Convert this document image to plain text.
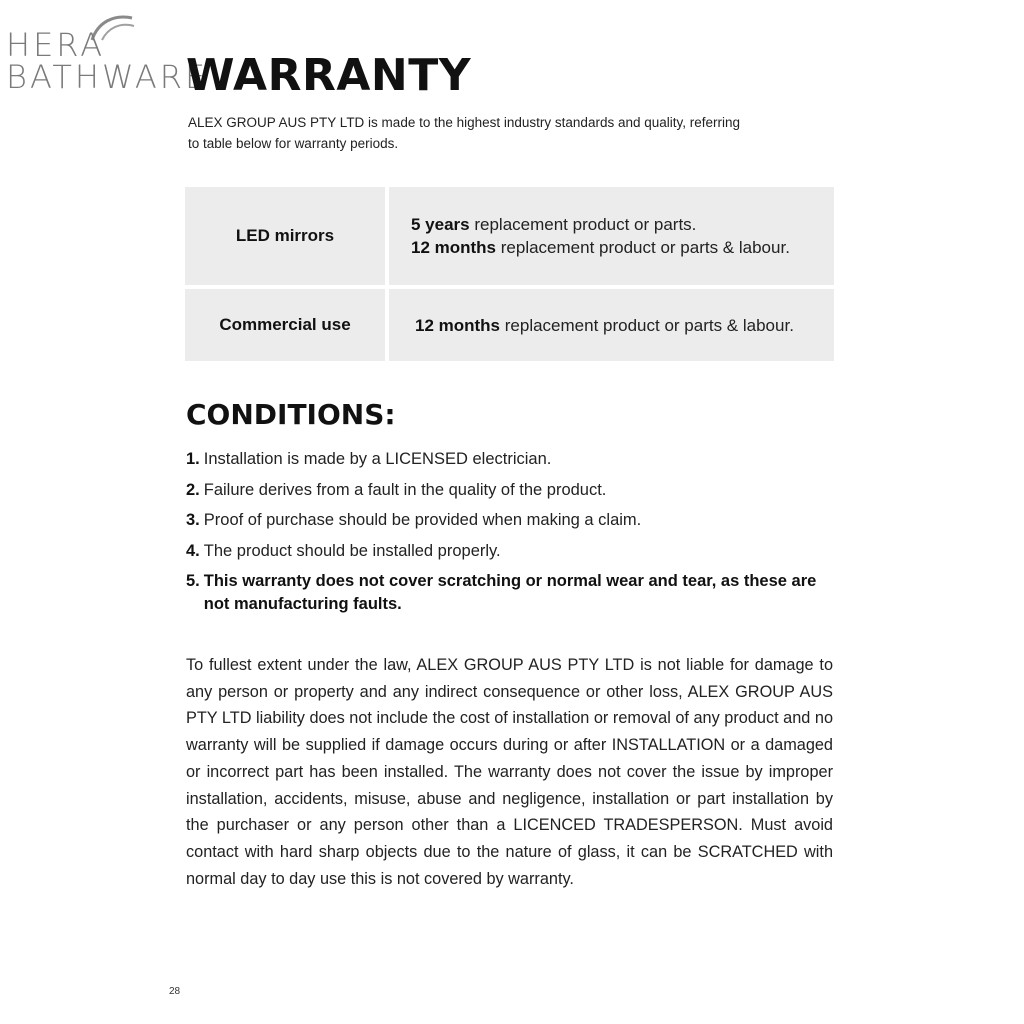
HERA
BATHWARE
WARRANTY

ALEX GROUP AUS PTY LTD is made to the highest industry standards and quality, referring to table below for warranty periods.

LED mirrors
5 years replacement product or parts.
12 months replacement product or parts & labour.
Commercial use	12 months replacement product or parts & labour.
CONDITIONS:
1. Installation is made by a LICENSED electrician.
2. Failure derives from a fault in the quality of the product.
3. Proof of purchase should be provided when making a claim.
4. The product should be installed properly.
5. This warranty does not cover scratching or normal wear and tear, as these are not manufacturing faults.

To fullest extent under the law, ALEX GROUP AUS PTY LTD is not liable for damage to any person or property and any indirect consequence or other loss, ALEX GROUP AUS PTY LTD liability does not include the cost of installation or removal of any product and no warranty will be supplied if damage occurs during or after INSTALLATION or a damaged or incorrect part has been installed. The warranty does not cover the issue by improper installation, accidents, misuse, abuse and negligence, installation or part installation by the purchaser or any person other than a LICENCED TRADESPERSON. Must avoid contact with hard sharp objects due to the nature of glass, it can be SCRATCHED with normal day to day use this is not covered by warranty.

28
